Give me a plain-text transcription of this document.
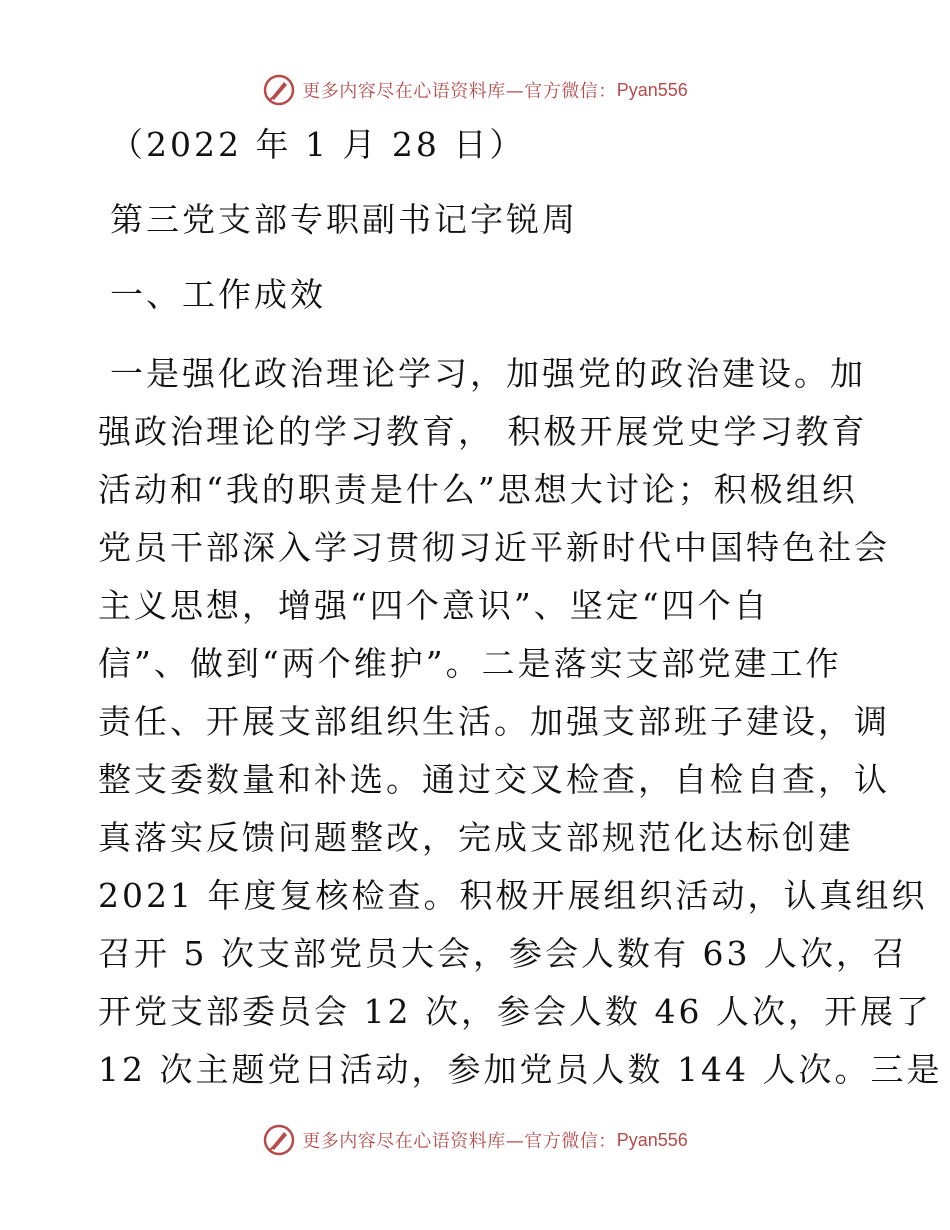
更多内容尽在心语资料库—官方微信： Pyan556
（2022 年 1 月 28 日）
第三党支部专职副书记字锐周
一、工作成效
一是强化政治理论学习，加强党的政治建设。加
强政治理论的学习教育， 积极开展党史学习教育
活动和“我的职责是什么”思想大讨论；积极组织
党员干部深入学习贯彻习近平新时代中国特色社会
主义思想，增强“四个意识”、坚定“四个自
信”、做到“两个维护”。二是落实支部党建工作
责任、开展支部组织生活。加强支部班子建设，调
整支委数量和补选。通过交叉检查，自检自查，认
真落实反馈问题整改，完成支部规范化达标创建
2021 年度复核检查。积极开展组织活动，认真组织
召开 5 次支部党员大会，参会人数有 63 人次，召
开党支部委员会 12 次，参会人数 46 人次，开展了
12 次主题党日活动，参加党员人数 144 人次。三是
更多内容尽在心语资料库—官方微信： Pyan556
